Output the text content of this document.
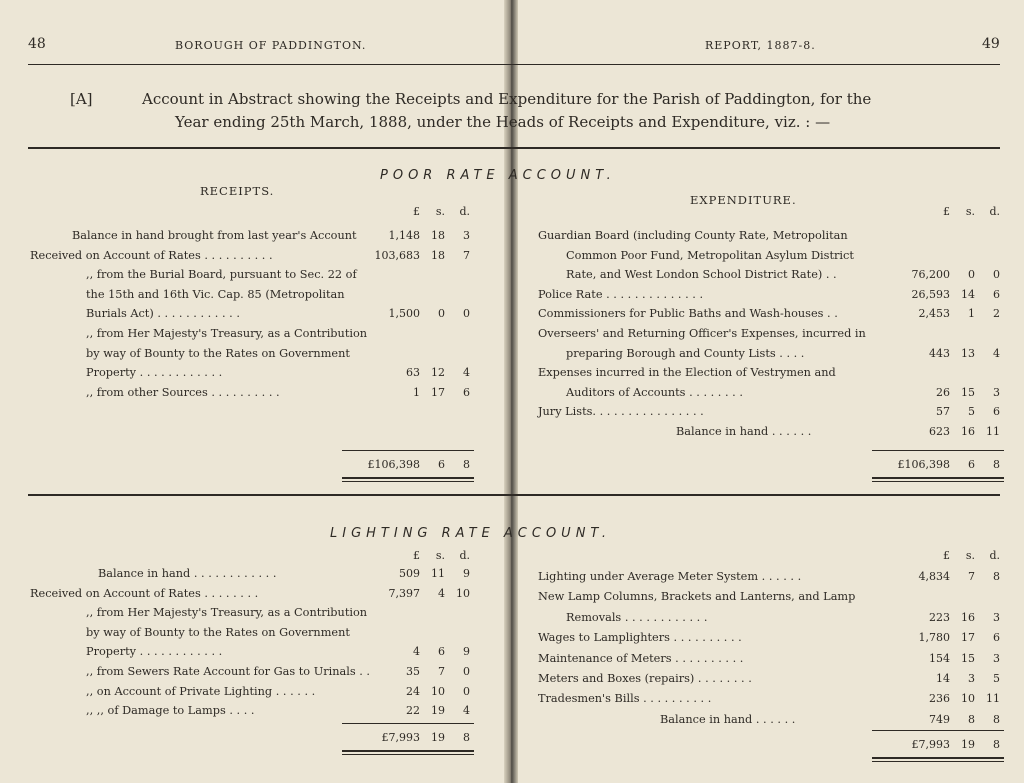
48	BOROUGH OF PADDINGTON.	REPORT, 1887-8.	49
[A]	Account in Abstract showing the Receipts and Expenditure for the Parish of Paddington, for the
Year ending 25th March, 1888, under the Heads of Receipts and Expenditure, viz. : —
POOR RATE ACCOUNT.
RECEIPTS.
EXPENDITURE.
£	s.	d.
Balance in hand brought from last year's Account	1,148	18	3
Received on Account of Rates . . . . . . . . . .	103,683	18	7
,, from the Burial Board, pursuant to Sec. 22 of
the 15th and 16th Vic. Cap. 85 (Metropolitan
Burials Act) . . . . . . . . . . . .	1,500	0	0
,, from Her Majesty's Treasury, as a Contribution
by way of Bounty to the Rates on Government
Property . . . . . . . . . . . .	63	12	4
,, from other Sources . . . . . . . . . .	1	17	6
£106,398	6	8
£	s.	d.
Guardian Board (including County Rate, Metropolitan
Common Poor Fund, Metropolitan Asylum District
Rate, and West London School District Rate) . .	76,200	0	0
Police Rate . . . . . . . . . . . . . .	26,593	14	6
Commissioners for Public Baths and Wash-houses . .	2,453	1	2
Overseers' and Returning Officer's Expenses, incurred in
preparing Borough and County Lists . . . .	443	13	4
Expenses incurred in the Election of Vestrymen and
Auditors of Accounts . . . . . . . .	26	15	3
Jury Lists. . . . . . . . . . . . . . . .	57	5	6
Balance in hand . . . . . .	623	16	11
£106,398	6	8
LIGHTING RATE ACCOUNT.
£	s.	d.
Balance in hand . . . . . . . . . . . .	509	11	9
Received on Account of Rates . . . . . . . .	7,397	4	10
,, from Her Majesty's Treasury, as a Contribution
by way of Bounty to the Rates on Government
Property . . . . . . . . . . . .	4	6	9
,, from Sewers Rate Account for Gas to Urinals . .	35	7	0
,, on Account of Private Lighting . . . . . .	24	10	0
,, ,, of Damage to Lamps . . . .	22	19	4
£7,993	19	8
£	s.	d.
Lighting under Average Meter System . . . . . .	4,834	7	8
New Lamp Columns, Brackets and Lanterns, and Lamp
Removals . . . . . . . . . . . .	223	16	3
Wages to Lamplighters . . . . . . . . . .	1,780	17	6
Maintenance of Meters . . . . . . . . . .	154	15	3
Meters and Boxes (repairs) . . . . . . . .	14	3	5
Tradesmen's Bills . . . . . . . . . .	236	10	11
Balance in hand . . . . . .	749	8	8
£7,993	19	8
